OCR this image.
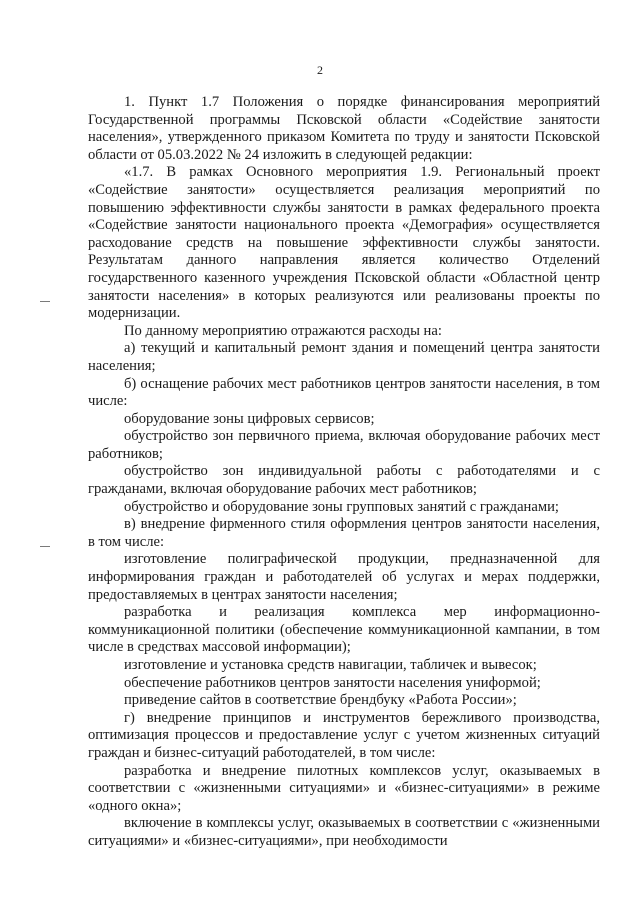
2

1. Пункт 1.7 Положения о порядке финансирования мероприятий Государственной программы Псковской области «Содействие занятости населения», утвержденного приказом Комитета по труду и занятости Псковской области от 05.03.2022 № 24 изложить в следующей редакции:

«1.7. В рамках Основного мероприятия 1.9. Региональный проект «Содействие занятости» осуществляется реализация мероприятий по повышению эффективности службы занятости в рамках федерального проекта «Содействие занятости национального проекта «Демография» осуществляется расходование средств на повышение эффективности службы занятости. Результатам данного направления является количество Отделений государственного казенного учреждения Псковской области «Областной центр занятости населения» в которых реализуются или реализованы проекты по модернизации.

По данному мероприятию отражаются расходы на:

а) текущий и капитальный ремонт здания и помещений центра занятости населения;

б) оснащение рабочих мест работников центров занятости населения, в том числе:

оборудование зоны цифровых сервисов;

обустройство зон первичного приема, включая оборудование рабочих мест работников;

обустройство зон индивидуальной работы с работодателями и с гражданами, включая оборудование рабочих мест работников;

обустройство и оборудование зоны групповых занятий с гражданами;

в) внедрение фирменного стиля оформления центров занятости населения, в том числе:

изготовление полиграфической продукции, предназначенной для информирования граждан и работодателей об услугах и мерах поддержки, предоставляемых в центрах занятости населения;

разработка и реализация комплекса мер информационно-коммуникационной политики (обеспечение коммуникационной кампании, в том числе в средствах массовой информации);

изготовление и установка средств навигации, табличек и вывесок;

обеспечение работников центров занятости населения униформой;

приведение сайтов в соответствие брендбуку «Работа России»;

г) внедрение принципов и инструментов бережливого производства, оптимизация процессов и предоставление услуг с учетом жизненных ситуаций граждан и бизнес-ситуаций работодателей, в том числе:

разработка и внедрение пилотных комплексов услуг, оказываемых в соответствии с «жизненными ситуациями» и «бизнес-ситуациями» в режиме «одного окна»;

включение в комплексы услуг, оказываемых в соответствии с «жизненными ситуациями» и «бизнес-ситуациями», при необходимости
